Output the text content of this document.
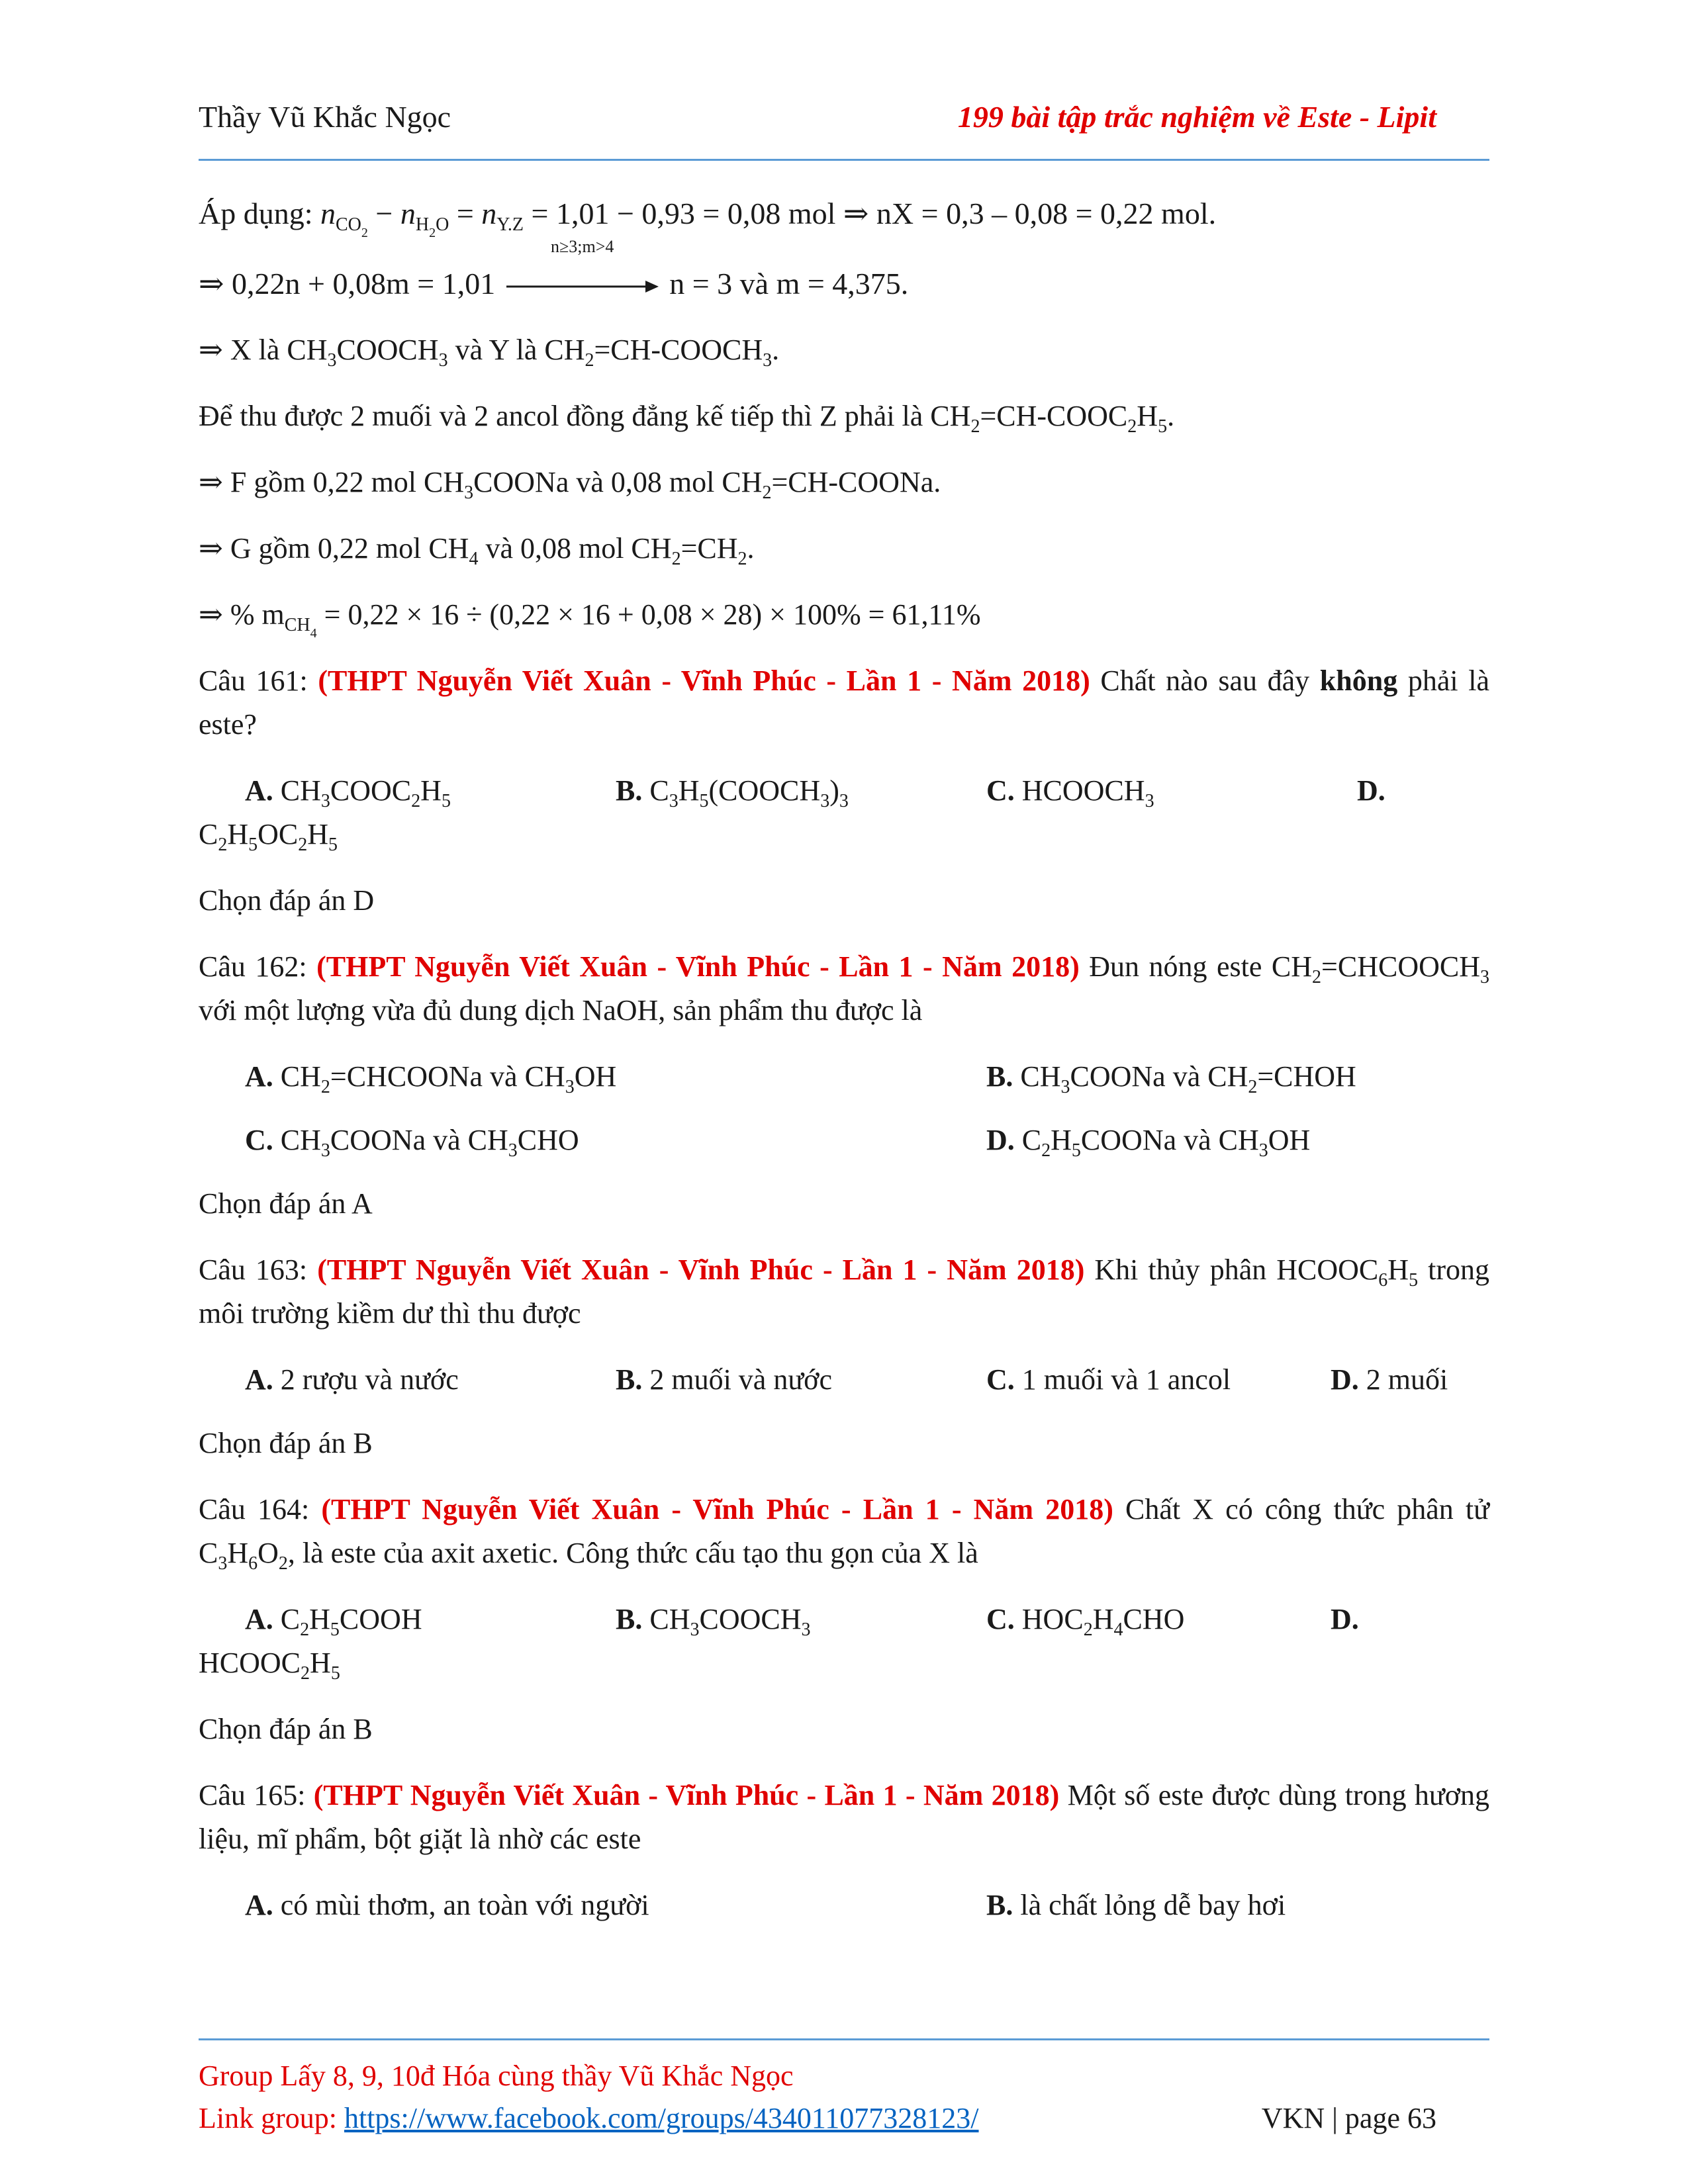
Thầy Vũ Khắc Ngọc	199 bài tập trắc nghiệm về Este - Lipit

Áp dụng: $n_{CO_2} - n_{H_2O} = n_{Y.Z} = 1,01 - 0,93 = 0,08$ mol ⇒ nX = 0,3 – 0,08 = 0,22 mol.

⇒ 0,22n + 0,08m = 1,01
n≥3;m>4
n = 3 và m = 4,375.

⇒ X là $CH_3COOCH_3$ và Y là $CH_2=CH-COOCH_3$.

Để thu được 2 muối và 2 ancol đồng đẳng kế tiếp thì Z phải là $CH_2=CH-COOC_2H_5$.

⇒ F gồm 0,22 mol $CH_3COONa$ và 0,08 mol $CH_2=CH$-COONa.

⇒ G gồm 0,22 mol $CH_4$ và 0,08 mol $CH_2=CH_2$.

⇒ % $m_{CH_4} = 0,22 \times 16 \div (0,22 \times 16 + 0,08 \times 28) \times 100\% = 61,11\%$

Câu 161: (THPT Nguyễn Viết Xuân - Vĩnh Phúc - Lần 1 - Năm 2018) Chất nào sau đây không phải là este?

A. $CH_3COOC_2H_5$	B. $C_3H_5(COOCH_3)_3$	C. $HCOOCH_3$	D.
$C_2H_5OC_2H_5$

Chọn đáp án D

Câu 162: (THPT Nguyễn Viết Xuân - Vĩnh Phúc - Lần 1 - Năm 2018) Đun nóng este $CH_2=CHCOOCH_3$ với một lượng vừa đủ dung dịch NaOH, sản phẩm thu được là

A. $CH_2=CHCOONa$ và $CH_3OH$	B. $CH_3COONa$ và $CH_2=CHOH$
C. $CH_3COONa$ và $CH_3CHO$	D. $C_2H_5COONa$ và $CH_3OH$

Chọn đáp án A

Câu 163: (THPT Nguyễn Viết Xuân - Vĩnh Phúc - Lần 1 - Năm 2018) Khi thủy phân $HCOOC_6H_5$ trong môi trường kiềm dư thì thu được

A. 2 rượu và nước	B. 2 muối và nước	C. 1 muối và 1 ancol	D. 2 muối

Chọn đáp án B

Câu 164: (THPT Nguyễn Viết Xuân - Vĩnh Phúc - Lần 1 - Năm 2018) Chất X có công thức phân tử $C_3H_6O_2$, là este của axit axetic. Công thức cấu tạo thu gọn của X là

A. $C_2H_5COOH$	B. $CH_3COOCH_3$	C. $HOC_2H_4CHO$	D.
$HCOOC_2H_5$

Chọn đáp án B

Câu 165: (THPT Nguyễn Viết Xuân - Vĩnh Phúc - Lần 1 - Năm 2018) Một số este được dùng trong hương liệu, mĩ phẩm, bột giặt là nhờ các este

A. có mùi thơm, an toàn với người	B. là chất lỏng dễ bay hơi
Group Lấy 8, 9, 10đ Hóa cùng thầy Vũ Khắc Ngọc
Link group: https://www.facebook.com/groups/434011077328123/	VKN | page 63
